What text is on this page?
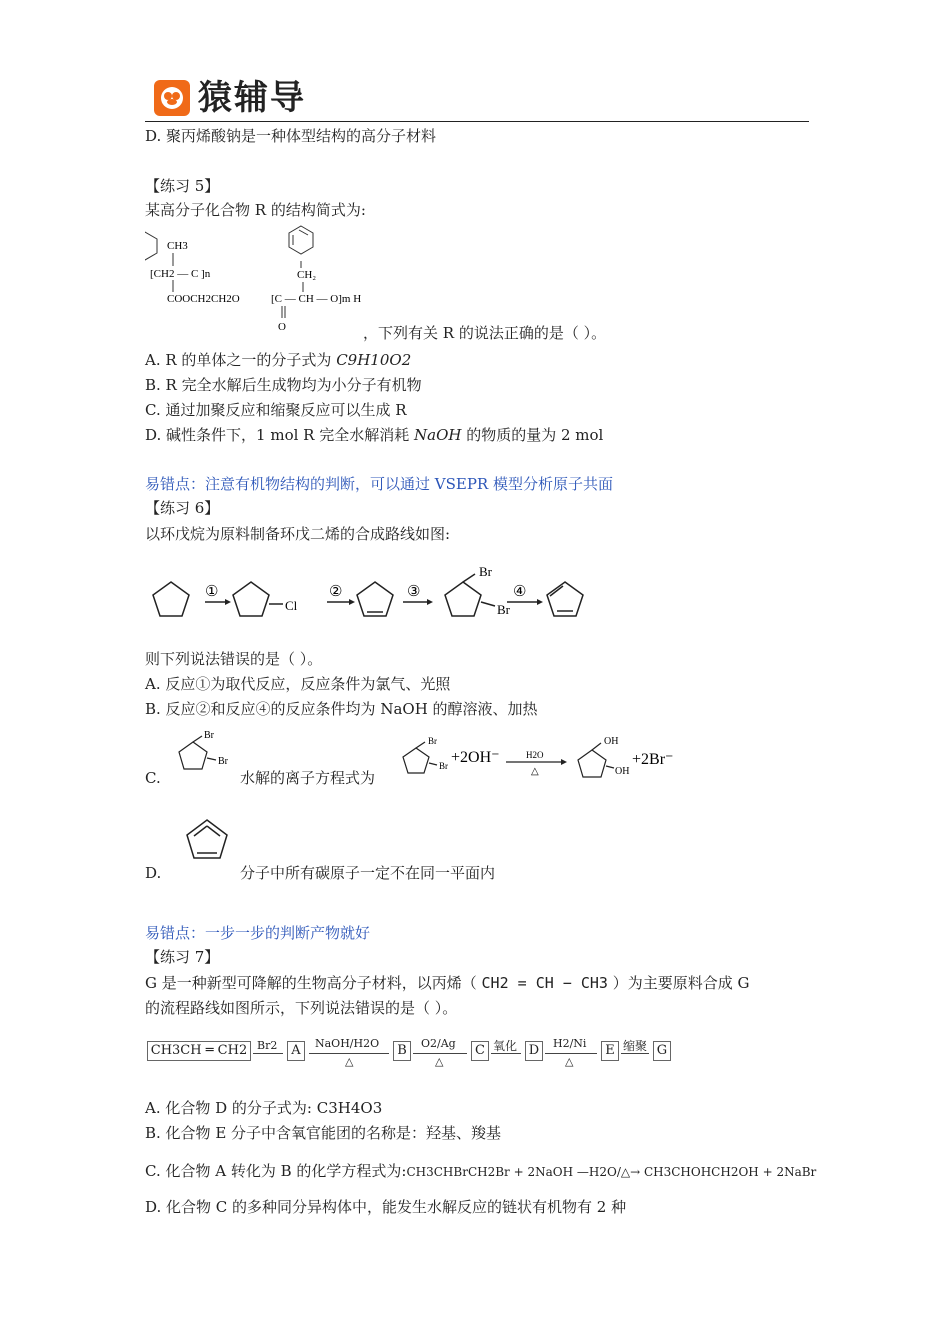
猿辅导
D. 聚丙烯酸钠是一种体型结构的高分子材料
【练习 5】
某高分子化合物 R 的结构简式为:
CH3
[CH2 — C ]n
COOCH2CH2O	[C — CH — O]m H
CH₂
O	，下列有关 R 的说法正确的是（ ）。
A. R 的单体之一的分子式为 C9H10O2
B. R 完全水解后生成物均为小分子有机物
C. 通过加聚反应和缩聚反应可以生成 R
D. 碱性条件下，1 mol R 完全水解消耗 NaOH 的物质的量为 2 mol
易错点：注意有机物结构的判断，可以通过 VSEPR 模型分析原子共面
【练习 6】
以环戊烷为原料制备环戊二烯的合成路线如图:
①
Cl
②	③
Br
Br
④
则下列说法错误的是（ ）。
A. 反应①为取代反应，反应条件为氯气、光照
B. 反应②和反应④的反应条件均为 NaOH 的醇溶液、加热
C.
Br
Br
水解的离子方程式为
Br
Br +2OH⁻	H2O
△
OH
OH
+2Br⁻
D.	分子中所有碳原子一定不在同一平面内
易错点：一步一步的判断产物就好
【练习 7】
G 是一种新型可降解的生物高分子材料，以丙烯（ CH2 = CH − CH3 ）为主要原料合成 G
的流程路线如图所示，下列说法错误的是（ ）。
CH3CH ═ CH2 Br2	A	NaOH/H2O
△
B	O2/Ag
△
C 氧化 D	H2/Ni
△
E 缩聚 G
A. 化合物 D 的分子式为: C3H4O3
B. 化合物 E 分子中含氧官能团的名称是：羟基、羧基
C. 化合物 A 转化为 B 的化学方程式为:CH3CHBrCH2Br + 2NaOH —H2O/△→ CH3CHOHCH2OH + 2NaBr
D. 化合物 C 的多种同分异构体中，能发生水解反应的链状有机物有 2 种
